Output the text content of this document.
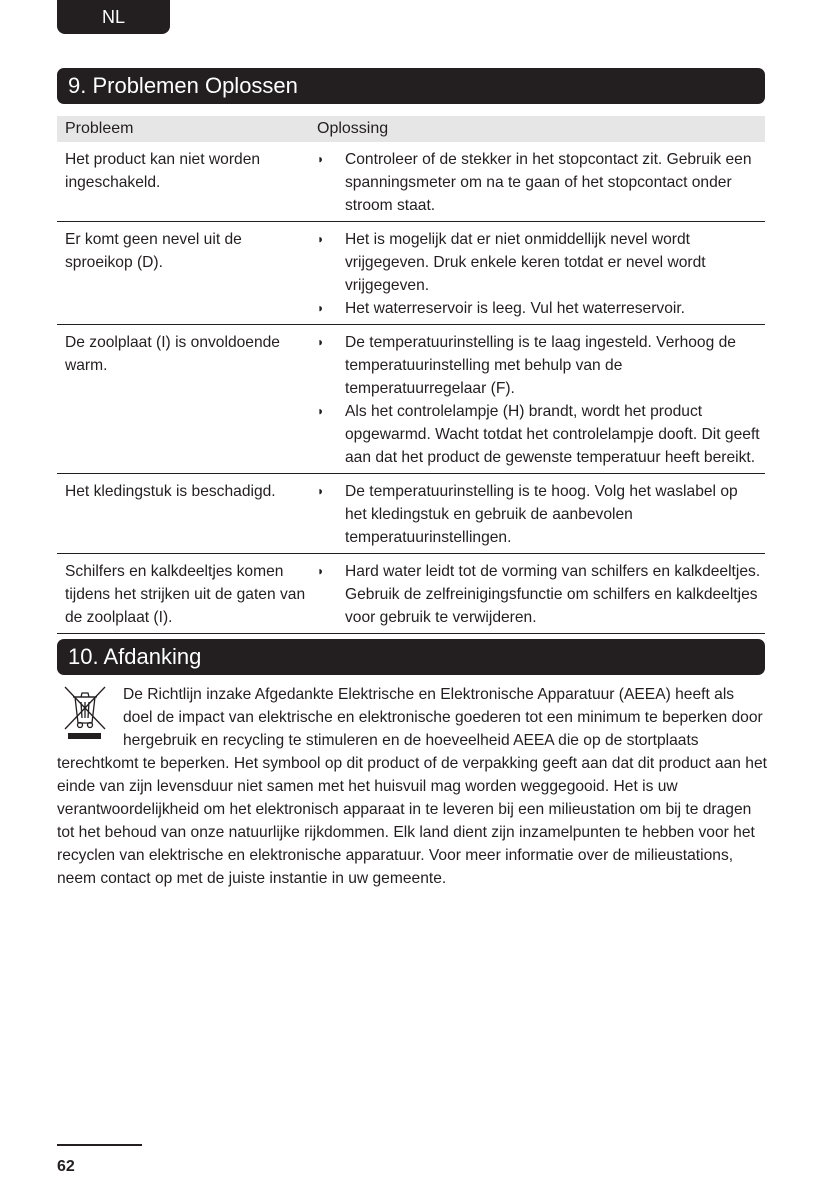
NL
9. Problemen Oplossen
Probleem	Oplossing
Het product kan niet worden ingeschakeld.
◗	Controleer of de stekker in het stopcontact zit. Gebruik een spanningsmeter om na te gaan of het stopcontact onder stroom staat.
Er komt geen nevel uit de sproeikop (D).
◗	Het is mogelijk dat er niet onmiddellijk nevel wordt vrijgegeven. Druk enkele keren totdat er nevel wordt vrijgegeven.
◗	Het waterreservoir is leeg. Vul het waterreservoir.
De zoolplaat (I) is onvoldoende warm.
◗	De temperatuurinstelling is te laag ingesteld. Verhoog de temperatuurinstelling met behulp van de temperatuurregelaar (F).
◗	Als het controlelampje (H) brandt, wordt het product opgewarmd. Wacht totdat het controlelampje dooft. Dit geeft aan dat het product de gewenste temperatuur heeft bereikt.
Het kledingstuk is beschadigd.	◗	De temperatuurinstelling is te hoog. Volg het waslabel op het kledingstuk en gebruik de aanbevolen temperatuurinstellingen.
Schilfers en kalkdeeltjes komen tijdens het strijken uit de gaten van de zoolplaat (I).
◗	Hard water leidt tot de vorming van schilfers en kalkdeeltjes. Gebruik de zelfreinigingsfunctie om schilfers en kalkdeeltjes voor gebruik te verwijderen.
10. Afdanking

De Richtlijn inzake Afgedankte Elektrische en Elektronische Apparatuur (AEEA) heeft als doel de impact van elektrische en elektronische goederen tot een minimum te beperken door hergebruik en recycling te stimuleren en de hoeveelheid AEEA die op de stortplaats terechtkomt te beperken. Het symbool op dit product of de verpakking geeft aan dat dit product aan het einde van zijn levensduur niet samen met het huisvuil mag worden weggegooid. Het is uw verantwoordelijkheid om het elektronisch apparaat in te leveren bij een milieustation om bij te dragen tot het behoud van onze natuurlijke rijkdommen. Elk land dient zijn inzamelpunten te hebben voor het recyclen van elektrische en elektronische apparatuur. Voor meer informatie over de milieustations, neem contact op met de juiste instantie in uw gemeente.

62
